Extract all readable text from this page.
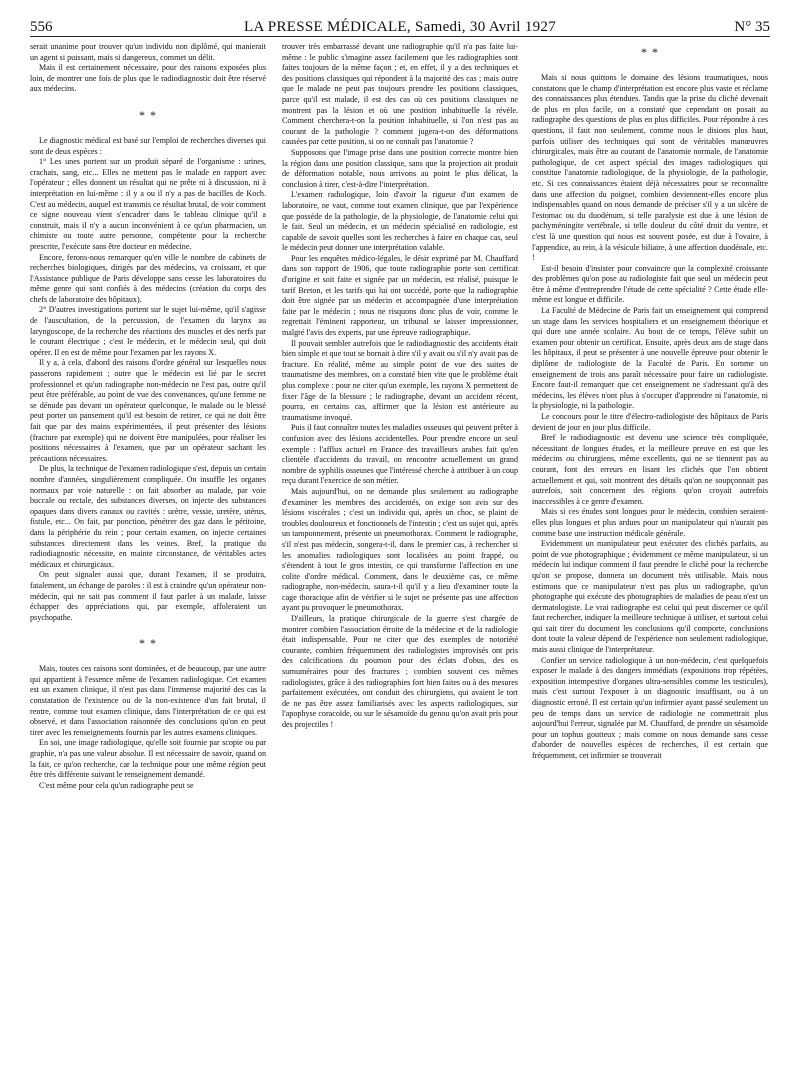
556	LA PRESSE MÉDICALE, Samedi, 30 Avril 1927	N° 35

serait unanime pour trouver qu'un individu non diplômé, qui manierait un agent si puissant, mais si dangereux, commet un délit.

Mais il est certainement nécessaire, pour des raisons exposées plus loin, de montrer une fois de plus que le radiodiagnostic doit être réservé aux médecins.

* *

Le diagnostic médical est basé sur l'emploi de recherches diverses qui sont de deux espèces :

1° Les unes portent sur un produit séparé de l'organisme : urines, crachats, sang, etc... Elles ne mettent pas le malade en rapport avec l'opérateur ; elles donnent un résultat qui ne prête ni à discussion, ni à interprétation en lui-même : il y a ou il n'y a pas de bacilles de Koch. C'est au médecin, auquel est transmis ce résultat brutal, de voir comment ce signe nouveau vient s'encadrer dans le tableau clinique qu'il a construit, mais il n'y a aucun inconvénient à ce qu'un pharmacien, un chimiste ou toute autre personne, compétente pour la recherche prescrite, l'exécute sans être docteur en médecine.

Encore, ferons-nous remarquer qu'en ville le nombre de cabinets de recherches biologiques, dirigés par des médecins, va croissant, et que l'Assistance publique de Paris développe sans cesse les laboratoires du même genre qui sont confiés à des médecins (création du corps des chefs de laboratoire des hôpitaux).

2° D'autres investigations portent sur le sujet lui-même, qu'il s'agisse de l'auscultation, de la percussion, de l'examen du larynx au laryngoscope, de la recherche des réactions des muscles et des nerfs par le courant électrique ; c'est le médecin, et le médecin seul, qui doit opérer. Il en est de même pour l'examen par les rayons X.

Il y a, à cela, d'abord des raisons d'ordre général sur lesquelles nous passerons rapidement ; outre que le médecin est lié par le secret professionnel et qu'un radiographe non-médecin ne l'est pas, outre qu'il peut être préférable, au point de vue des convenances, qu'une femme ne se dénude pas devant un opérateur quelconque, le malade ou le blessé peut porter un pansement qu'il est besoin de retirer, ce qui ne doit être fait que par des mains expérimentées, il peut présenter des lésions (fracture par exemple) qui ne doivent être manipulées, pour réaliser les positions nécessaires à l'examen, que par un opérateur sachant les précautions nécessaires.

De plus, la technique de l'examen radiologique s'est, depuis un certain nombre d'années, singulièrement compliquée. On insuffle les organes normaux par voie naturelle : on fait absorber au malade, par voie buccale ou rectale, des substances diverses, on injecte des substances opaques dans divers canaux ou cavités : urètre, vessie, uretère, utérus, fistule, etc... On fait, par ponction, pénétrer des gaz dans le péritoine, dans la périphérie du rein ; pour certain examen, on injecte certaines substances directement dans les veines. Bref, la pratique du radiodiagnostic nécessite, en mainte circonstance, de véritables actes médicaux et chirurgicaux.

On peut signaler aussi que, durant l'examen, il se produira, fatalement, un échange de paroles : il est à craindre qu'un opérateur non-médecin, qui ne sait pas comment il faut parler à un malade, laisse échapper des appréciations qui, par exemple, affoleraient un psychopathe.

* *

Mais, toutes ces raisons sont dominées, et de beaucoup, par une autre qui appartient à l'essence même de l'examen radiologique. Cet examen est un examen clinique, il n'est pas dans l'immense majorité des cas la constatation de l'existence ou de la non-existence d'un fait brutal, il rentre, comme tout examen clinique, dans l'interprétation de ce qui est observé, et dans l'association raisonnée des conclusions qu'on en peut tirer avec les renseignements fournis par les autres examens cliniques.

En soi, une image radiologique, qu'elle soit fournie par scopie ou par graphie, n'a pas une valeur absolue. Il est nécessaire de savoir, quand on la fait, ce qu'on recherche, car la technique pour une même région peut être très différente suivant le renseignement demandé.

C'est même pour cela qu'un radiographe peut se

trouver très embarrassé devant une radiographie qu'il n'a pas faite lui-même : le public s'imagine assez facilement que les radiographies sont faites toujours de la même façon ; et, en effet, il y a des techniques et des positions classiques qui répondent à la majorité des cas ; mais outre que le malade ne peut pas toujours prendre les positions classiques, parce qu'il est malade, il est des cas où ces positions classiques ne montrent pas la lésion et où une position inhabituelle la révèle. Comment cherchera-t-on la position inhabituelle, si l'on n'est pas au courant de la pathologie ? comment jugera-t-on des déformations causées par cette position, si on ne connaît pas l'anatomie ?

Supposons que l'image prise dans une position correcte montre bien la région dans une position classique, sans que la projection ait produit de déformation notable, nous arrivons au point le plus délicat, la conclusion à tirer, c'est-à-dire l'interprétation.

L'examen radiologique, loin d'avoir la rigueur d'un examen de laboratoire, ne vaut, comme tout examen clinique, que par l'expérience que possède de la pathologie, de la physiologie, de l'anatomie celui qui le fait. Seul un médecin, et un médecin spécialisé en radiologie, est capable de savoir quelles sont les recherches à faire en chaque cas, seul le médecin peut donner une interprétation valable.

Pour les enquêtes médico-légales, le désir exprimé par M. Chauffard dans son rapport de 1906, que toute radiographie porte son certificat d'origine et soit faite et signée par un médecin, est réalisé, puisque le tarif Breton, et les tarifs qui lui ont succédé, porte que la radiographie doit être signée par un médecin et accompagnée d'une interprétation faite par le médecin ; nous ne risquons donc plus de voir, comme le regrettait l'éminent rapporteur, un tribunal se laisser impressionner, malgré l'avis des experts, par une épreuve radiographique.

Il pouvait sembler autrefois que le radiodiagnostic des accidents était bien simple et que tout se bornait à dire s'il y avait ou s'il n'y avait pas de fracture. En réalité, même au simple point de vue des suites de traumatisme des membres, on a constaté bien vite que le problème était plus complexe : pour ne citer qu'un exemple, les rayons X permettent de fixer l'âge de la blessure ; le radiographe, devant un accident récent, pourra, en certains cas, affirmer que la lésion est antérieure au traumatisme invoqué.

Puis il faut connaître toutes les maladies osseuses qui peuvent prêter à confusion avec des lésions accidentelles. Pour prendre encore un seul exemple : l'afflux actuel en France des travailleurs arabes fait qu'en clientèle d'accidents du travail, on rencontre actuellement un grand nombre de syphilis osseuses que l'intéressé cherche à attribuer à un coup reçu durant l'exercice de son métier.

Mais aujourd'hui, on ne demande plus seulement au radiographe d'examiner les membres des accidentés, on exige son avis sur des lésions viscérales ; c'est un individu qui, après un choc, se plaint de troubles douloureux et fonctionnels de l'intestin ; c'est un sujet qui, après un tamponnement, présente un pneumothorax. Comment le radiographe, s'il n'est pas médecin, songera-t-il, dans le premier cas, à rechercher si les anomalies radiologiques sont localisées au point frappé, ou s'étendent à tout le gros intestin, ce qui transforme l'affection en une colite d'ordre médical. Comment, dans le deuxième cas, ce même radiographe, non-médecin, saura-t-il qu'il y a lieu d'examiner toute la cage thoracique afin de vérifier si le sujet ne présente pas une affection ayant pu provoquer le pneumothorax.

D'ailleurs, la pratique chirurgicale de la guerre s'est chargée de montrer combien l'association étroite de la médecine et de la radiologie était indispensable. Pour ne citer que des exemples de notoriété courante, combien fréquemment des radiologistes improvisés ont pris des calcifications du poumon pour des éclats d'obus, des os surnuméraires pour des fractures ; combien souvent ces mêmes radiologistes, grâce à des radiographies fort bien faites ou à des mesures parfaitement exécutées, ont conduit des chirurgiens, qui avaient le tort de ne pas être assez familiarisés avec les aspects radiologiques, sur l'apophyse coracoïde, ou sur le sésamoïde du genou qu'on avait pris pour des projectiles !

* *

Mais si nous quittons le domaine des lésions traumatiques, nous constatons que le champ d'interprétation est encore plus vaste et réclame des connaissances plus étendues. Tandis que la prise du cliché devenait de plus en plus facile, on a constaté que cependant on posait au radiographe des questions de plus en plus difficiles. Pour répondre à ces questions, il faut non seulement, comme nous le disions plus haut, parfois utiliser des techniques qui sont de véritables manœuvres chirurgicales, mais être au courant de l'anatomie normale, de l'anatomie pathologique, de cet aspect spécial des images radiologiques qui constitue l'anatomie radiologique, de la physiologie, de la pathologie, etc. Si ces connaissances étaient déjà nécessaires pour se reconnaître dans une affection du poignet, combien deviennent-elles encore plus indispensables quand on nous demande de préciser s'il y a un ulcère de l'estomac ou du duodénum, si telle paralysie est due à une lésion de pachyméningite vertébrale, si telle douleur du côté droit du ventre, et c'est là une question qui nous est souvent posée, est due à l'ovaire, à l'appendice, au rein, à la vésicule biliaire, à une affection duodénale, etc. !

Est-il besoin d'insister pour convaincre que la complexité croissante des problèmes qu'on pose au radiologiste fait que seul un médecin peut être à même d'entreprendre l'étude de cette spécialité ? Cette étude elle-même est longue et difficile.

La Faculté de Médecine de Paris fait un enseignement qui comprend un stage dans les services hospitaliers et un enseignement théorique et qui dure une année scolaire. Au bout de ce temps, l'élève subit un examen pour obtenir un certificat. Ensuite, après deux ans de stage dans les hôpitaux, il peut se présenter à une nouvelle épreuve pour obtenir le diplôme de radiologiste de la Faculté de Paris. En somme un enseignement de trois ans paraît nécessaire pour faire un radiologiste. Encore faut-il remarquer que cet enseignement ne s'adressant qu'à des médecins, les élèves n'ont plus à s'occuper d'apprendre ni l'anatomie, ni la physiologie, ni la pathologie.

Le concours pour le titre d'électro-radiologiste des hôpitaux de Paris devient de jour en jour plus difficile.

Bref le radiodiagnostic est devenu une science très compliquée, nécessitant de longues études, et la meilleure preuve en est que les médecins ou chirurgiens, même excellents, qui ne se tiennent pas au courant, font des erreurs en lisant les clichés que l'on obtient actuellement et qui, soit montrent des détails qu'on ne soupçonnait pas autrefois, soit concernent des régions qu'on croyait autrefois inaccessibles à ce genre d'examen.

Mais si ces études sont longues pour le médecin, combien seraient-elles plus longues et plus ardues pour un manipulateur qui n'aurait pas comme base une instruction médicale générale.

Evidemment un manipulateur peut exécuter des clichés parfaits, au point de vue photographique ; évidemment ce même manipulateur, si un médecin lui indique comment il faut prendre le cliché pour la recherche qu'on se propose, donnera un document très utilisable. Mais nous estimons que ce manipulateur n'est pas plus un radiographe, qu'un photographe qui exécute des photographies de maladies de peau n'est un dermatologiste. Le vrai radiographe est celui qui peut discerner ce qu'il faut rechercher, indiquer la meilleure technique à utiliser, et surtout celui qui sait tirer du document les conclusions qu'il comporte, conclusions dont toute la valeur dépend de l'expérience non seulement radiologique, mais aussi clinique de l'interprétateur.

Confier un service radiologique à un non-médecin, c'est quelquefois exposer le malade à des dangers immédiats (expositions trop répétées, exposition intempestive d'organes ultra-sensibles comme les testicules), mais c'est surtout l'exposer à un diagnostic insuffisant, ou à un diagnostic erroné. Il est certain qu'un infirmier ayant passé seulement un peu de temps dans un service de radiologie ne commettrait plus aujourd'hui l'erreur, signalée par M. Chauffard, de prendre un sésamoïde pour un tophus goutteux ; mais comme on nous demande sans cesse d'aborder de nouvelles espèces de recherches, il est certain que fréquemment, cet infirmier se trouverait
